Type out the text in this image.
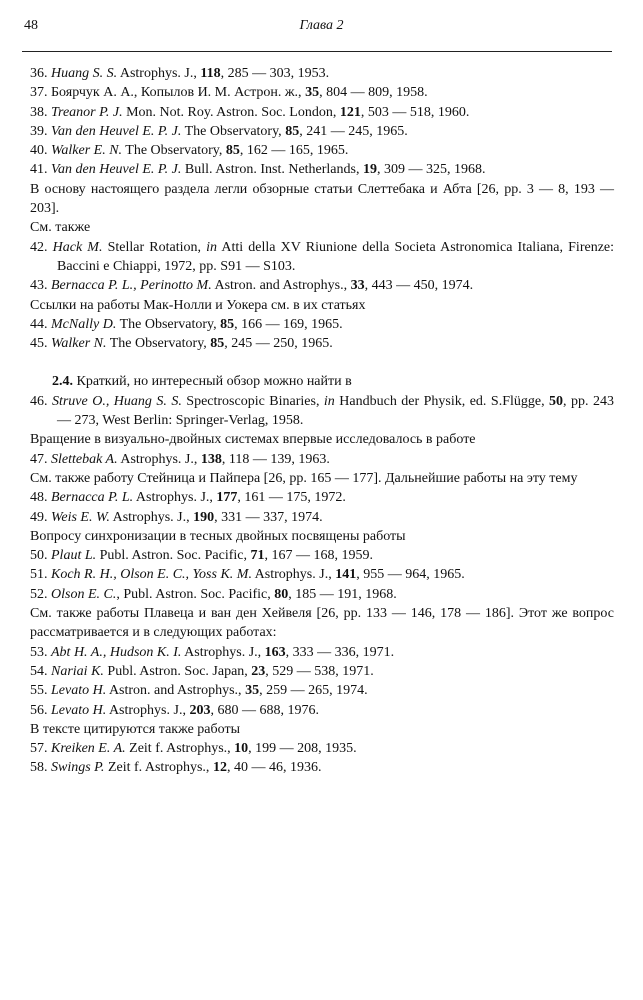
48	Глава 2
36. Huang S. S. Astrophys. J., 118, 285 — 303, 1953.
37. Боярчук А. А., Копылов И. М. Астрон. ж., 35, 804 — 809, 1958.
38. Treanor P. J. Mon. Not. Roy. Astron. Soc. London, 121, 503 — 518, 1960.
39. Van den Heuvel E. P. J. The Observatory, 85, 241 — 245, 1965.
40. Walker E. N. The Observatory, 85, 162 — 165, 1965.
41. Van den Heuvel E. P. J. Bull. Astron. Inst. Netherlands, 19, 309 — 325, 1968.
В основу настоящего раздела легли обзорные статьи Слеттебака и Абта [26, pp. 3 — 8, 193 — 203].
См. также
42. Hack M. Stellar Rotation, in Atti della XV Riunione della Societa Astronomica Italiana, Firenze: Baccini e Chiappi, 1972, pp. S91 — S103.
43. Bernacca P. L., Perinotto M. Astron. and Astrophys., 33, 443 — 450, 1974.
Ссылки на работы Мак-Нолли и Уокера см. в их статьях
44. McNally D. The Observatory, 85, 166 — 169, 1965.
45. Walker N. The Observatory, 85, 245 — 250, 1965.
2.4. Краткий, но интересный обзор можно найти в
46. Struve O., Huang S. S. Spectroscopic Binaries, in Handbuch der Physik, ed. S.Flügge, 50, pp. 243 — 273, West Berlin: Springer-Verlag, 1958.
Вращение в визуально-двойных системах впервые исследовалось в работе
47. Slettebak A. Astrophys. J., 138, 118 — 139, 1963.
См. также работу Стейница и Пайпера [26, pp. 165 — 177]. Дальнейшие работы на эту тему
48. Bernacca P. L. Astrophys. J., 177, 161 — 175, 1972.
49. Weis E. W. Astrophys. J., 190, 331 — 337, 1974.
Вопросу синхронизации в тесных двойных посвящены работы
50. Plaut L. Publ. Astron. Soc. Pacific, 71, 167 — 168, 1959.
51. Koch R. H., Olson E. C., Yoss K. M. Astrophys. J., 141, 955 — 964, 1965.
52. Olson E. C., Publ. Astron. Soc. Pacific, 80, 185 — 191, 1968.
См. также работы Плавеца и ван ден Хейвеля [26, pp. 133 — 146, 178 — 186]. Этот же вопрос рассматривается и в следующих работах:
53. Abt H. A., Hudson K. I. Astrophys. J., 163, 333 — 336, 1971.
54. Nariai K. Publ. Astron. Soc. Japan, 23, 529 — 538, 1971.
55. Levato H. Astron. and Astrophys., 35, 259 — 265, 1974.
56. Levato H. Astrophys. J., 203, 680 — 688, 1976.
В тексте цитируются также работы
57. Kreiken E. A. Zeit f. Astrophys., 10, 199 — 208, 1935.
58. Swings P. Zeit f. Astrophys., 12, 40 — 46, 1936.
